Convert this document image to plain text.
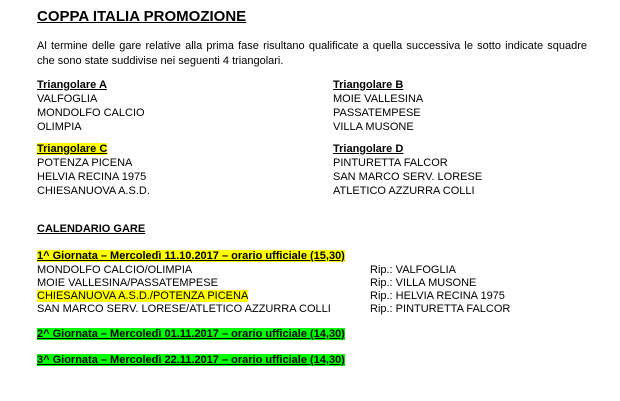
COPPA ITALIA PROMOZIONE

Al termine delle gare relative alla prima fase risultano qualificate a quella successiva le sotto indicate squadre che sono state suddivise nei seguenti 4 triangolari.

Triangolare A
VALFOGLIA
MONDOLFO CALCIO
OLIMPIA
Triangolare B
MOIE VALLESINA
PASSATEMPESE
VILLA MUSONE
Triangolare C
POTENZA PICENA
HELVIA RECINA 1975
CHIESANUOVA A.S.D.
Triangolare D
PINTURETTA FALCOR
SAN MARCO SERV. LORESE
ATLETICO AZZURRA COLLI
CALENDARIO GARE
1^ Giornata – Mercoledì 11.10.2017 – orario ufficiale (15,30)
MONDOLFO CALCIO/OLIMPIA	Rip.: VALFOGLIA
MOIE VALLESINA/PASSATEMPESE	Rip.: VILLA MUSONE
CHIESANUOVA A.S.D./POTENZA PICENA	Rip.: HELVIA RECINA 1975
SAN MARCO SERV. LORESE/ATLETICO AZZURRA COLLI	Rip.: PINTURETTA FALCOR
2^ Giornata – Mercoledì 01.11.2017 – orario ufficiale (14,30)
3^ Giornata – Mercoledì 22.11.2017 – orario ufficiale (14,30)
